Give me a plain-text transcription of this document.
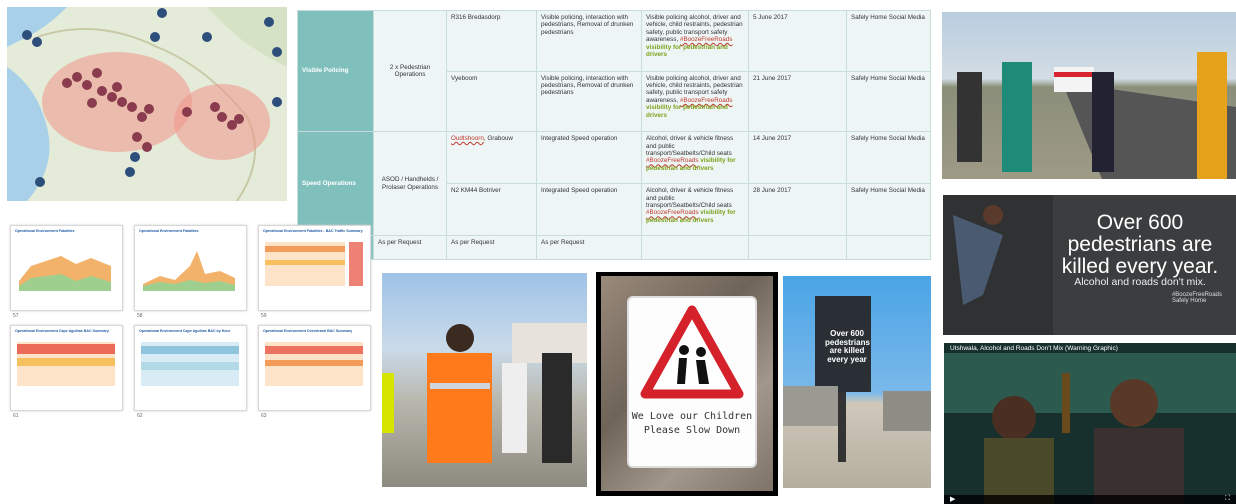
Visible Policing	2 x Pedestrian Operations	R316 Bredasdorp	Visible policing, interaction with pedestrians, Removal of drunken pedestrians	Visible policing alcohol, driver and vehicle, child restraints, pedestrian safety, public transport safety awareness, #BoozeFreeRoads visibility for pedestrian and drivers	5 June 2017	Safely Home Social Media
		Vyeboom	Visible policing, interaction with pedestrians, Removal of drunken pedestrians	Visible policing alcohol, driver and vehicle, child restraints, pedestrian safety, public transport safety awareness, #BoozeFreeRoads visibility for pedestrian and drivers	21 June 2017	Safely Home Social Media
Speed Operations	ASOD / Handhelds / Prolaser Operations	Oudtshoorn, Grabouw	Integrated Speed operation	Alcohol, driver & vehicle fitness and public transport/Seatbelts/Child seats #BoozeFreeRoads visibility for pedestrian and drivers	14 June 2017	Safely Home Social Media
		N2 KM44 Botriver	Integrated Speed operation	Alcohol, driver & vehicle fitness and public transport/Seatbelts/Child seats #BoozeFreeRoads visibility for pedestrian and drivers	28 June 2017	Safely Home Social Media
	As per Request	As per Request	As per Request			
Operational Environment Fatalities
57
Operational Environment Fatalities
58
Operational Environment Fatalities - BAC Traffic Summary
59
Operational Environment Cape Agulhas BAC Summary
61
Operational Environment Cape Agulhas BAC by Hour
62
Operational Environment Overstrand BAC Summary
63
Over 600
pedestrians are
killed every year.
Alcohol and roads don't mix.
#BoozeFreeRoads
Safely Home
We Love our Children
Please Slow Down
Over 600
pedestrians
are killed
every year
Utshwala, Alcohol and Roads Don't Mix (Warning Graphic)
▶	⛶
